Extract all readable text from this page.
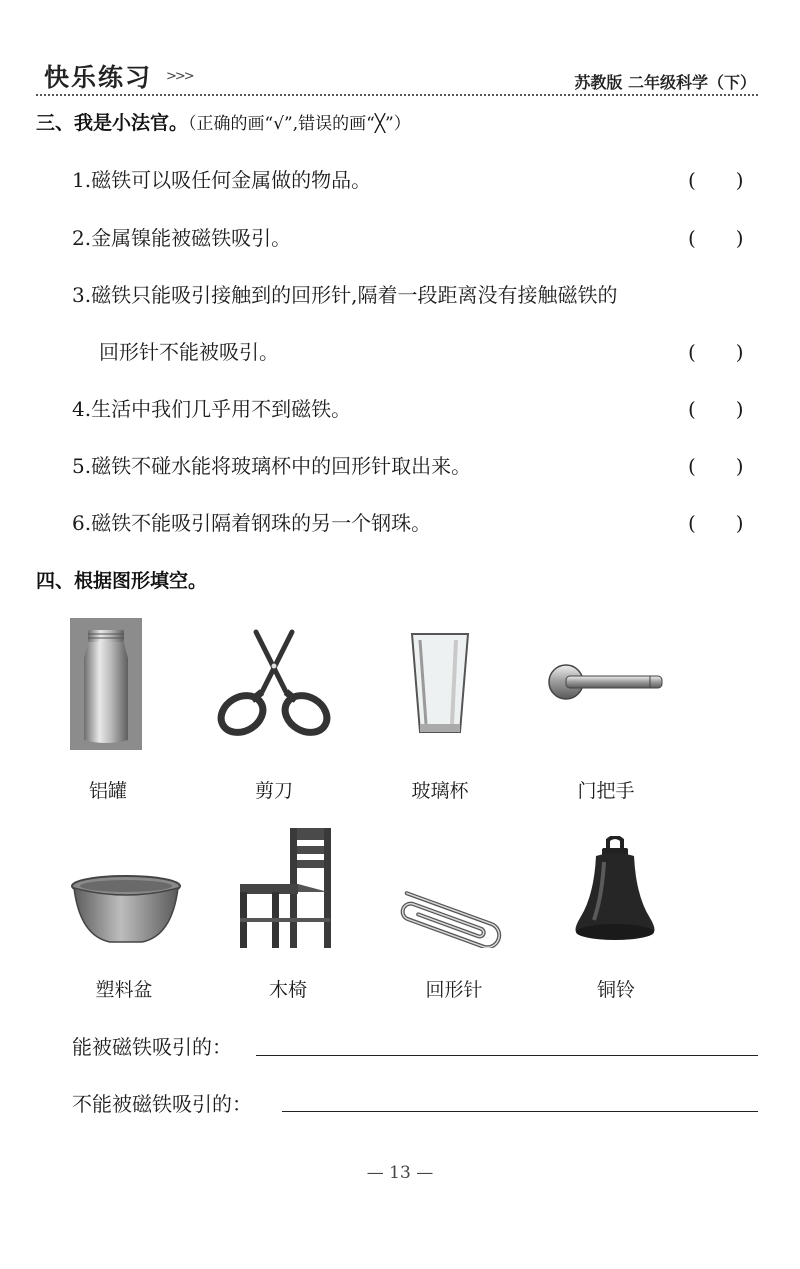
快乐练习 >>>	苏教版 二年级科学（下）
三、我是小法官。（正确的画“√”,错误的画“╳”）
1.磁铁可以吸任何金属做的物品。	(　　)
2.金属镍能被磁铁吸引。	(　　)
3.磁铁只能吸引接触到的回形针,隔着一段距离没有接触磁铁的
回形针不能被吸引。	(　　)
4.生活中我们几乎用不到磁铁。	(　　)
5.磁铁不碰水能将玻璃杯中的回形针取出来。	(　　)
6.磁铁不能吸引隔着钢珠的另一个钢珠。	(　　)
四、根据图形填空。
铝罐	剪刀	玻璃杯	门把手
塑料盆	木椅	回形针	铜铃
能被磁铁吸引的：
不能被磁铁吸引的：
— 13 —
